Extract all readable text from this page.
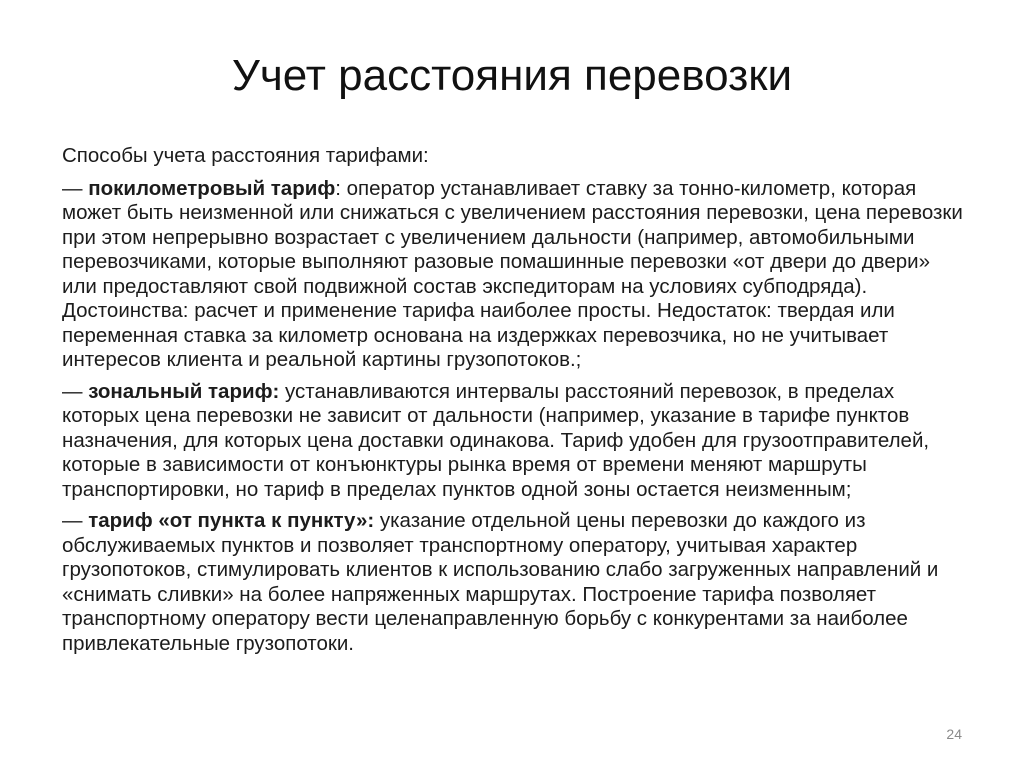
Учет расстояния перевозки

Способы учета расстояния тарифами:

— покилометровый тариф: оператор устанавливает ставку за тонно-километр, которая может быть неизменной или снижаться с увеличением расстояния перевозки, цена перевозки при этом непрерывно возрастает с увеличением дальности (например, автомобильными перевозчиками, которые выполняют разовые помашинные перевозки «от двери до двери» или предоставляют свой подвижной состав экспедиторам на условиях субподряда). Достоинства: расчет и применение тарифа наиболее просты. Недостаток: твердая или переменная ставка за километр основана на издержках перевозчика, но не учитывает интересов клиента и реальной картины грузопотоков.;

— зональный тариф: устанавливаются интервалы расстояний перевозок, в пределах которых цена перевозки не зависит от дальности (например, указание в тарифе пунктов назначения, для которых цена доставки одинакова. Тариф удобен для грузоотправителей, которые в зависимости от конъюнктуры рынка время от времени меняют маршруты транспортировки, но тариф в пределах пунктов одной зоны остается неизменным;

— тариф «от пункта к пункту»: указание отдельной цены перевозки до каждого из обслуживаемых пунктов и позволяет транспортному оператору, учитывая характер грузопотоков, стимулировать клиентов к использованию слабо загруженных направлений и «снимать сливки» на более напряженных маршрутах. Построение тарифа позволяет транспортному оператору вести целенаправленную борьбу с конкурентами за наиболее привлекательные грузопотоки.

24
